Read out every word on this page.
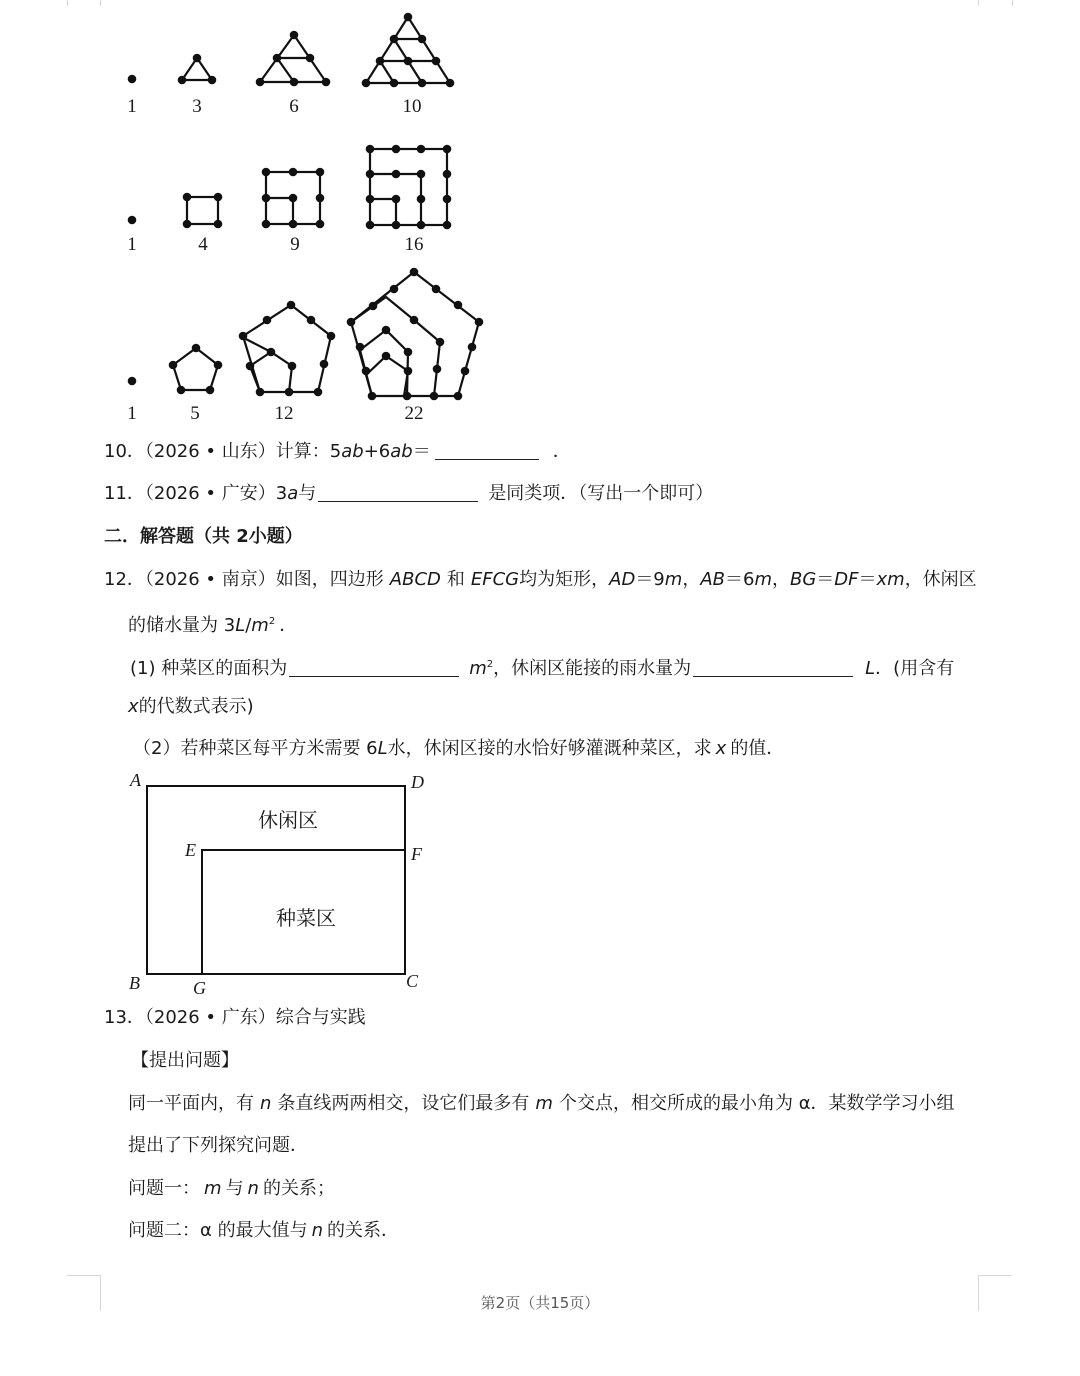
1	3	6	10
1	4	9	16
1	5	12	22
10．（2026 • 山东）计算：5ab+6ab＝	．
11．（2026 • 广安）3a与	是同类项．（写出一个即可）
二．解答题（共 2小题）
12．（2026 • 南京）如图，四边形 ABCD 和 EFCG均为矩形，AD＝9m，AB＝6m，BG＝DF＝xm，休闲区
的储水量为 $3L/m^2$ ．
(1) 种菜区的面积为	$m^2$，休闲区能接的雨水量为	L．(用含有
x的代数式表示)
（2）若种菜区每平方米需要 6L水，休闲区接的水恰好够灌溉种菜区，求 x 的值．
A	D
E	F
B	G	C
休闲区
种菜区
13．（2026 • 广东）综合与实践
【提出问题】
同一平面内，有 n 条直线两两相交，设它们最多有 m 个交点，相交所成的最小角为 α．某数学学习小组
提出了下列探究问题．
问题一： m 与 n 的关系；
问题二：α 的最大值与 n 的关系．
第2页（共15页）
